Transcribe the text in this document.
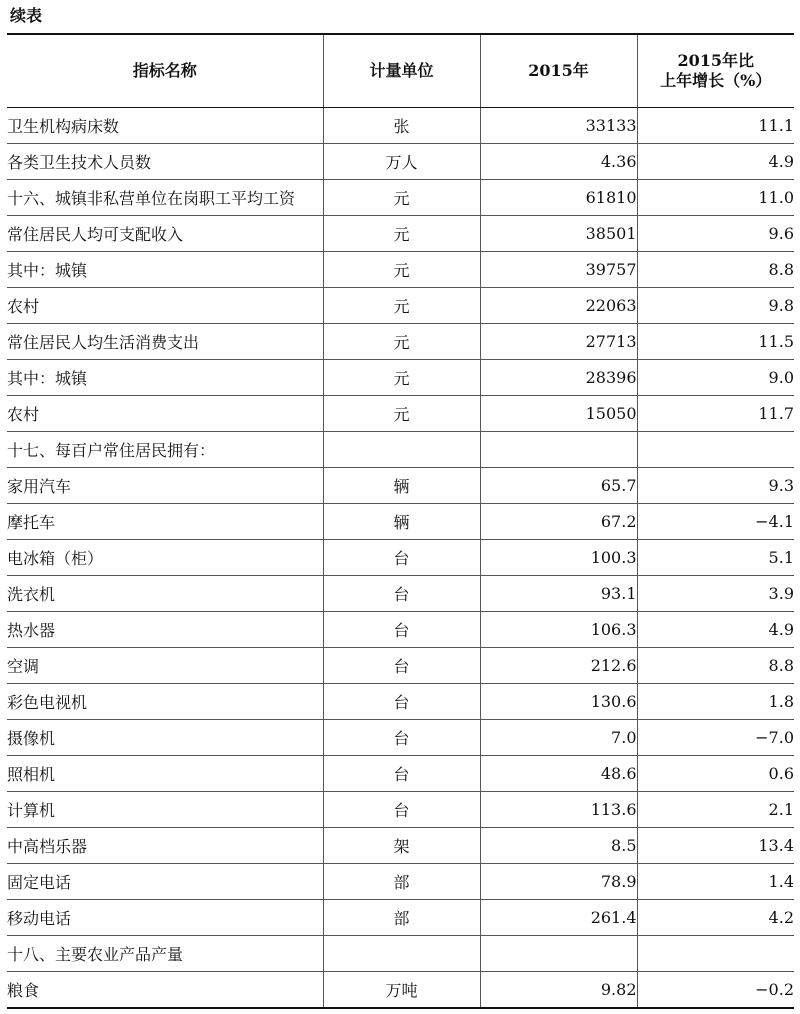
续表
指标名称	计量单位	2015年	2015年比
上年增长（%）

卫生机构病床数	张	33133	11.1
各类卫生技术人员数	万人	4.36	4.9
十六、城镇非私营单位在岗职工平均工资	元	61810	11.0
常住居民人均可支配收入	元	38501	9.6
其中：城镇	元	39757	8.8
农村	元	22063	9.8
常住居民人均生活消费支出	元	27713	11.5
其中：城镇	元	28396	9.0
农村	元	15050	11.7
十七、每百户常住居民拥有：			
家用汽车	辆	65.7	9.3
摩托车	辆	67.2	−4.1
电冰箱（柜）	台	100.3	5.1
洗衣机	台	93.1	3.9
热水器	台	106.3	4.9
空调	台	212.6	8.8
彩色电视机	台	130.6	1.8
摄像机	台	7.0	−7.0
照相机	台	48.6	0.6
计算机	台	113.6	2.1
中高档乐器	架	8.5	13.4
固定电话	部	78.9	1.4
移动电话	部	261.4	4.2
十八、主要农业产品产量			
粮食	万吨	9.82	−0.2
